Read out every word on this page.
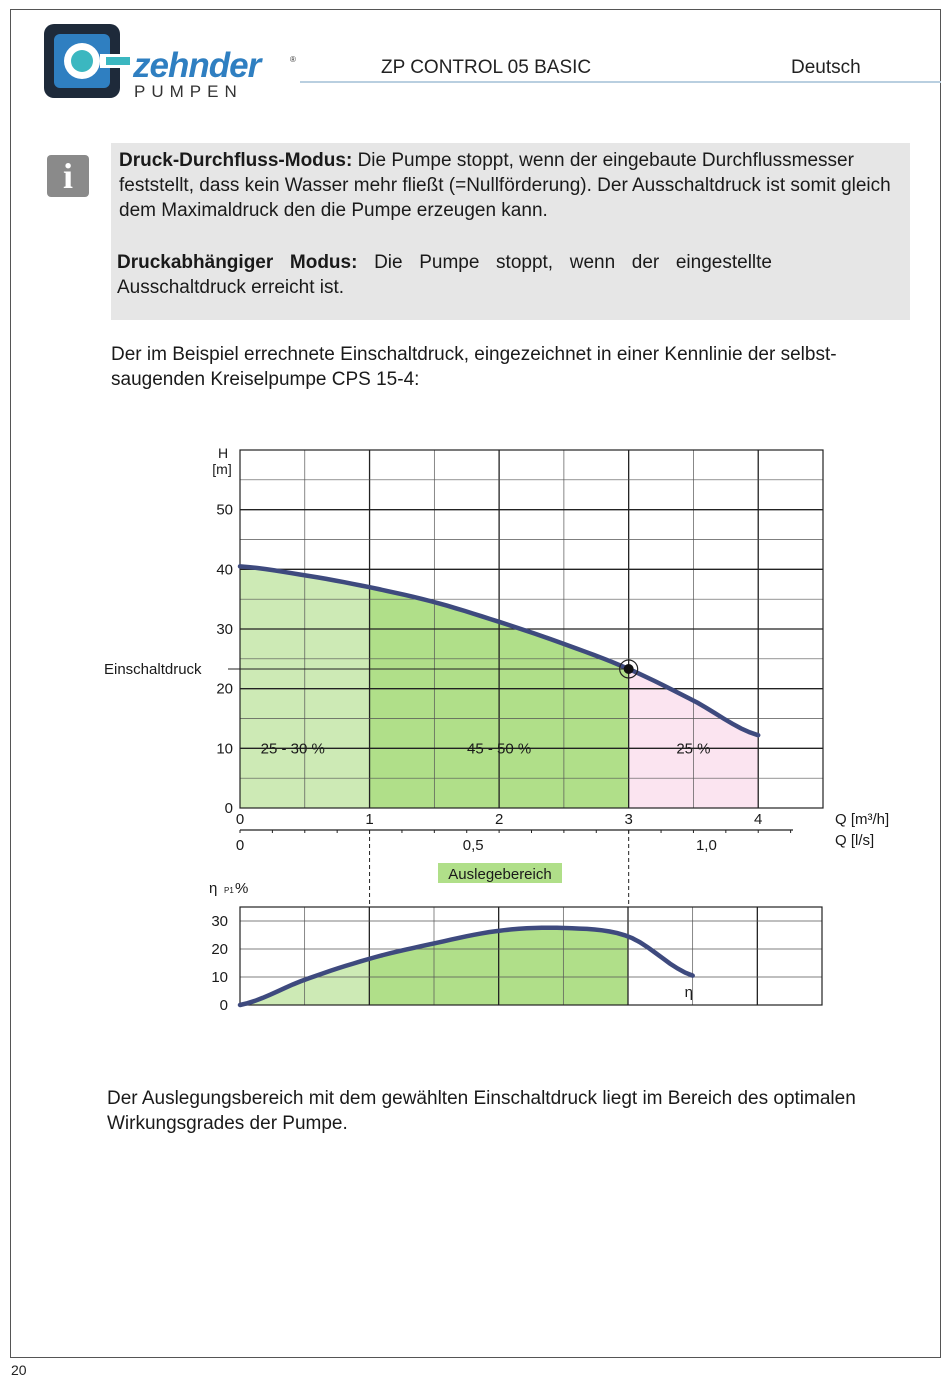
zehnder	®
PUMPEN
ZP CONTROL 05 BASIC	Deutsch
i	Druck-Durchfluss-Modus: Die Pumpe stoppt, wenn der eingebaute Durchflussmesser feststellt, dass kein Wasser mehr fließt (=Nullförderung). Der Ausschaltdruck ist somit gleich dem Maximaldruck den die Pumpe erzeugen kann.
Druckabhängiger Modus: Die Pumpe stoppt, wenn der eingestellte Ausschaltdruck erreicht ist.
Der im Beispiel errechnete Einschaltdruck, eingezeichnet in einer Kennlinie der selbst-saugenden Kreiselpumpe CPS 15-4:
25 - 30 %	45 - 50 %	25 %
Einschaltdruck
0
10
20
30
40
50
H
[m]
0	1	2	3	4
0	0,5	1,0
Q [m³/h]
Q [l/s]
Auslegebereich
0
10
20
30
η P1 %
η
Der Auslegungsbereich mit dem gewählten Einschaltdruck liegt im Bereich des optimalen Wirkungsgrades der Pumpe.
20
